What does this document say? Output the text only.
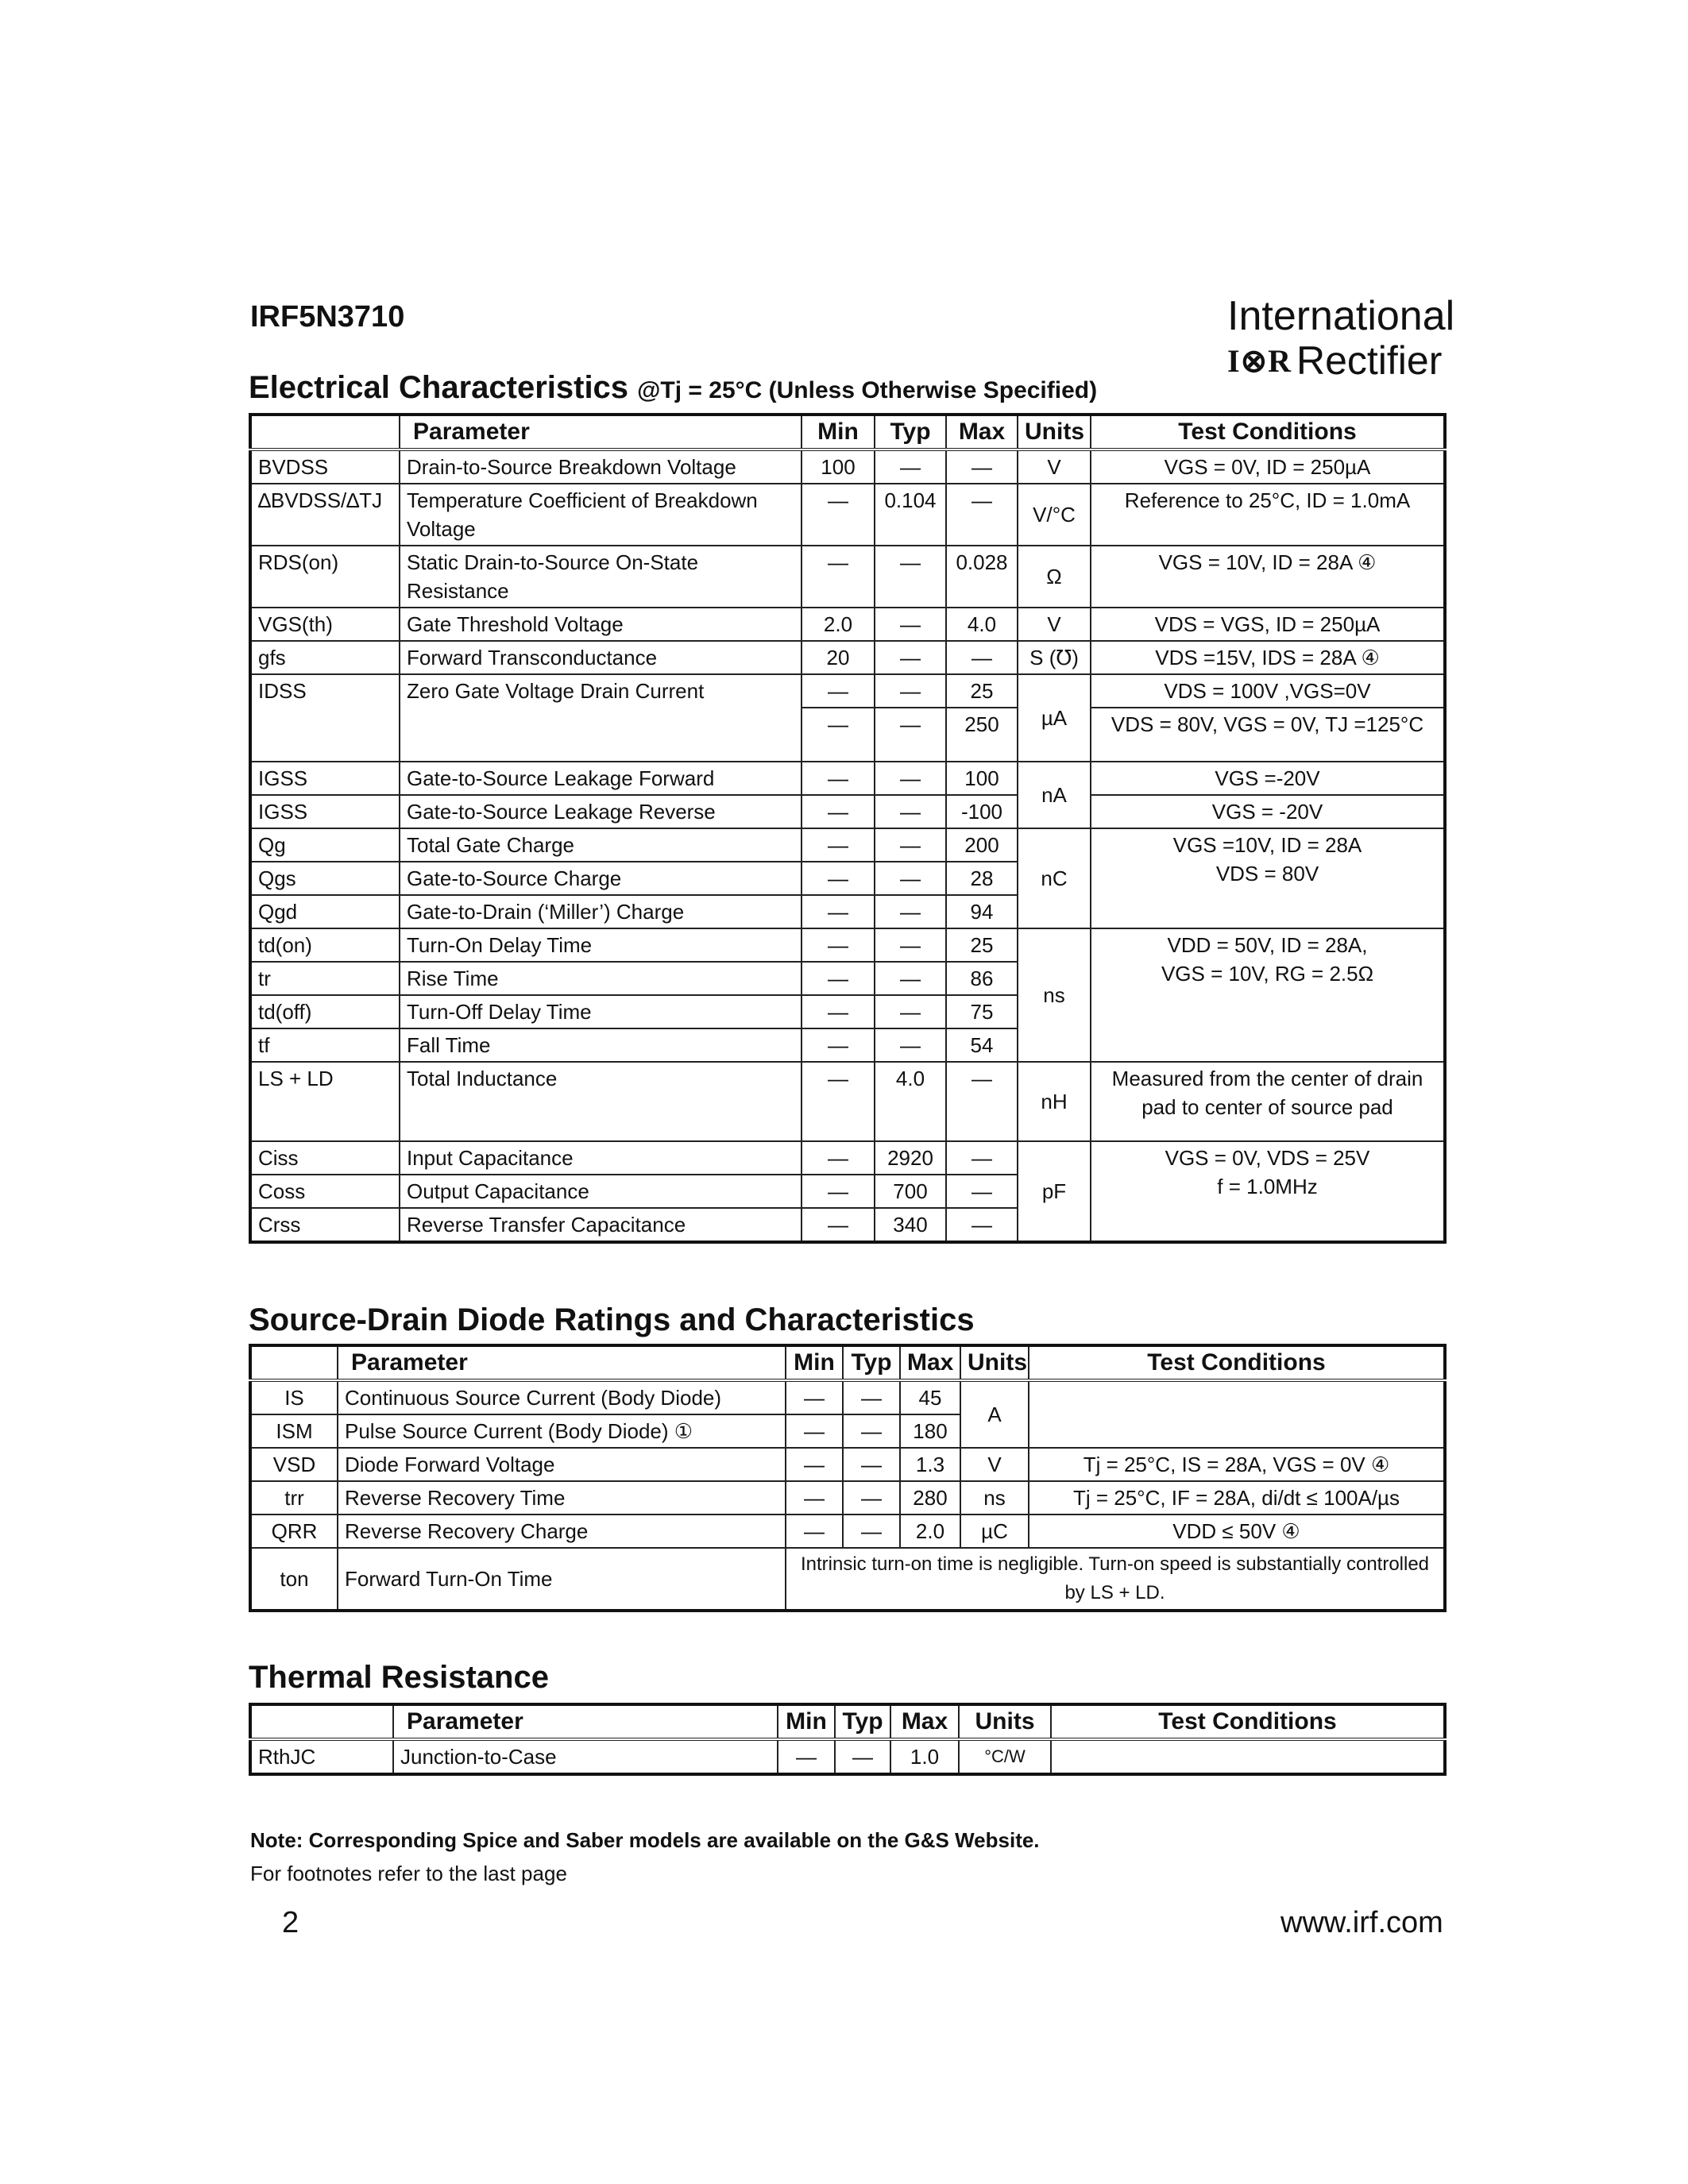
IRF5N3710	International
I⊗R Rectifier
Electrical Characteristics @Tj = 25°C (Unless Otherwise Specified)
	Parameter	Min	Typ	Max	Units	Test Conditions
BVDSS	Drain-to-Source Breakdown Voltage	100	—	—	V	VGS = 0V, ID = 250µA
∆BVDSS/∆TJ	Temperature Coefficient of Breakdown Voltage	—	0.104	—	V/°C	Reference to 25°C, ID = 1.0mA
RDS(on)	Static Drain-to-Source On-State Resistance	—	—	0.028	Ω	VGS = 10V, ID = 28A ④
VGS(th)	Gate Threshold Voltage	2.0	—	4.0	V	VDS = VGS, ID = 250µA
gfs	Forward Transconductance	20	—	—	S (℧)	VDS =15V, IDS = 28A ④
IDSS	Zero Gate Voltage Drain Current	—	—	25	µA	VDS = 100V ,VGS=0V
		—	—	250		VDS = 80V, VGS = 0V, TJ =125°C
IGSS	Gate-to-Source Leakage Forward	—	—	100	nA	VGS =-20V
IGSS	Gate-to-Source Leakage Reverse	—	—	-100		VGS = -20V
Qg	Total Gate Charge	—	—	200	nC	VGS =10V, ID = 28A
VDS = 80V
Qgs	Gate-to-Source Charge	—	—	28		
Qgd	Gate-to-Drain (‘Miller’) Charge	—	—	94		
td(on)	Turn-On Delay Time	—	—	25	ns	VDD = 50V, ID = 28A,
VGS = 10V, RG = 2.5Ω
tr	Rise Time	—	—	86		
td(off)	Turn-Off Delay Time	—	—	75		
tf	Fall Time	—	—	54		
LS + LD	Total Inductance	—	4.0	—	nH	Measured from the center of drain pad to center of source pad
Ciss	Input Capacitance	—	2920	—	pF	VGS = 0V, VDS = 25V
f = 1.0MHz
Coss	Output Capacitance	—	700	—		
Crss	Reverse Transfer Capacitance	—	340	—		
Source-Drain Diode Ratings and Characteristics
	Parameter	Min	Typ	Max	Units	Test Conditions
IS	Continuous Source Current (Body Diode)	—	—	45	A	
ISM	Pulse Source Current (Body Diode) ①	—	—	180		
VSD	Diode Forward Voltage	—	—	1.3	V	Tj = 25°C, IS = 28A, VGS = 0V ④
trr	Reverse Recovery Time	—	—	280	ns	Tj = 25°C, IF = 28A, di/dt ≤ 100A/µs
QRR	Reverse Recovery Charge	—	—	2.0	µC	VDD ≤ 50V ④
ton	Forward Turn-On Time	Intrinsic turn-on time is negligible. Turn-on speed is substantially controlled by LS + LD.				
Thermal Resistance
	Parameter	Min	Typ	Max	Units	Test Conditions
RthJC	Junction-to-Case	—	—	1.0	°C/W	
Note: Corresponding Spice and Saber models are available on the G&S Website.
For footnotes refer to the last page
2	www.irf.com
